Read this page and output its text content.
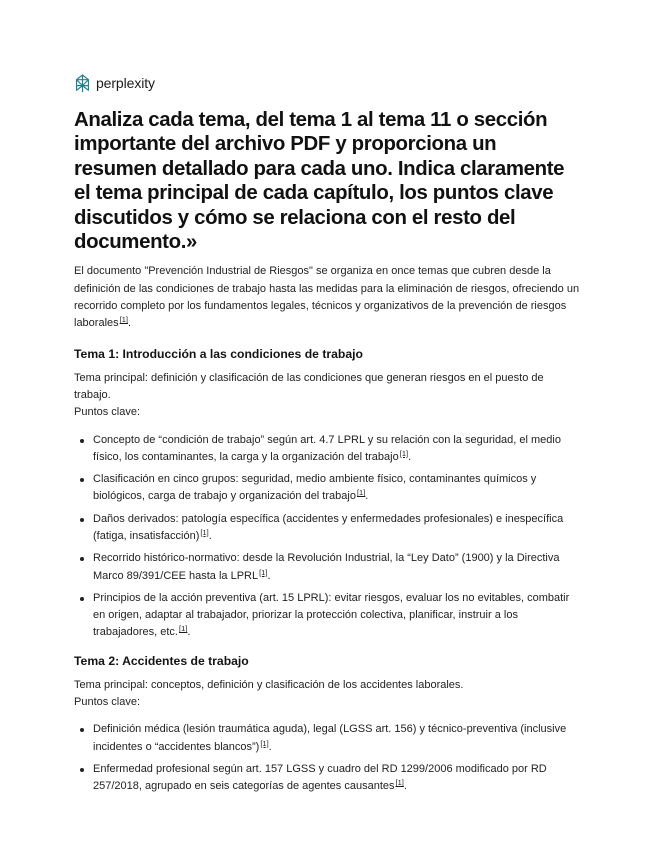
perplexity
Analiza cada tema, del tema 1 al tema 11 o sección importante del archivo PDF y proporciona un resumen detallado para cada uno. Indica claramente el tema principal de cada capítulo, los puntos clave discutidos y cómo se relaciona con el resto del documento.»

El documento "Prevención Industrial de Riesgos" se organiza en once temas que cubren desde la definición de las condiciones de trabajo hasta las medidas para la eliminación de riesgos, ofreciendo un recorrido completo por los fundamentos legales, técnicos y organizativos de la prevención de riesgos laborales[1].

Tema 1: Introducción a las condiciones de trabajo

Tema principal: definición y clasificación de las condiciones que generan riesgos en el puesto de trabajo.

Puntos clave:

Concepto de “condición de trabajo” según art. 4.7 LPRL y su relación con la seguridad, el medio físico, los contaminantes, la carga y la organización del trabajo[1].
Clasificación en cinco grupos: seguridad, medio ambiente físico, contaminantes químicos y biológicos, carga de trabajo y organización del trabajo[1].
Daños derivados: patología específica (accidentes y enfermedades profesionales) e inespecífica (fatiga, insatisfacción)[1].
Recorrido histórico-normativo: desde la Revolución Industrial, la “Ley Dato” (1900) y la Directiva Marco 89/391/CEE hasta la LPRL[1].
Principios de la acción preventiva (art. 15 LPRL): evitar riesgos, evaluar los no evitables, combatir en origen, adaptar al trabajador, priorizar la protección colectiva, planificar, instruir a los trabajadores, etc.[1].
Tema 2: Accidentes de trabajo

Tema principal: conceptos, definición y clasificación de los accidentes laborales.

Puntos clave:

Definición médica (lesión traumática aguda), legal (LGSS art. 156) y técnico-preventiva (inclusive incidentes o “accidentes blancos”)[1].
Enfermedad profesional según art. 157 LGSS y cuadro del RD 1299/2006 modificado por RD 257/2018, agrupado en seis categorías de agentes causantes[1].
